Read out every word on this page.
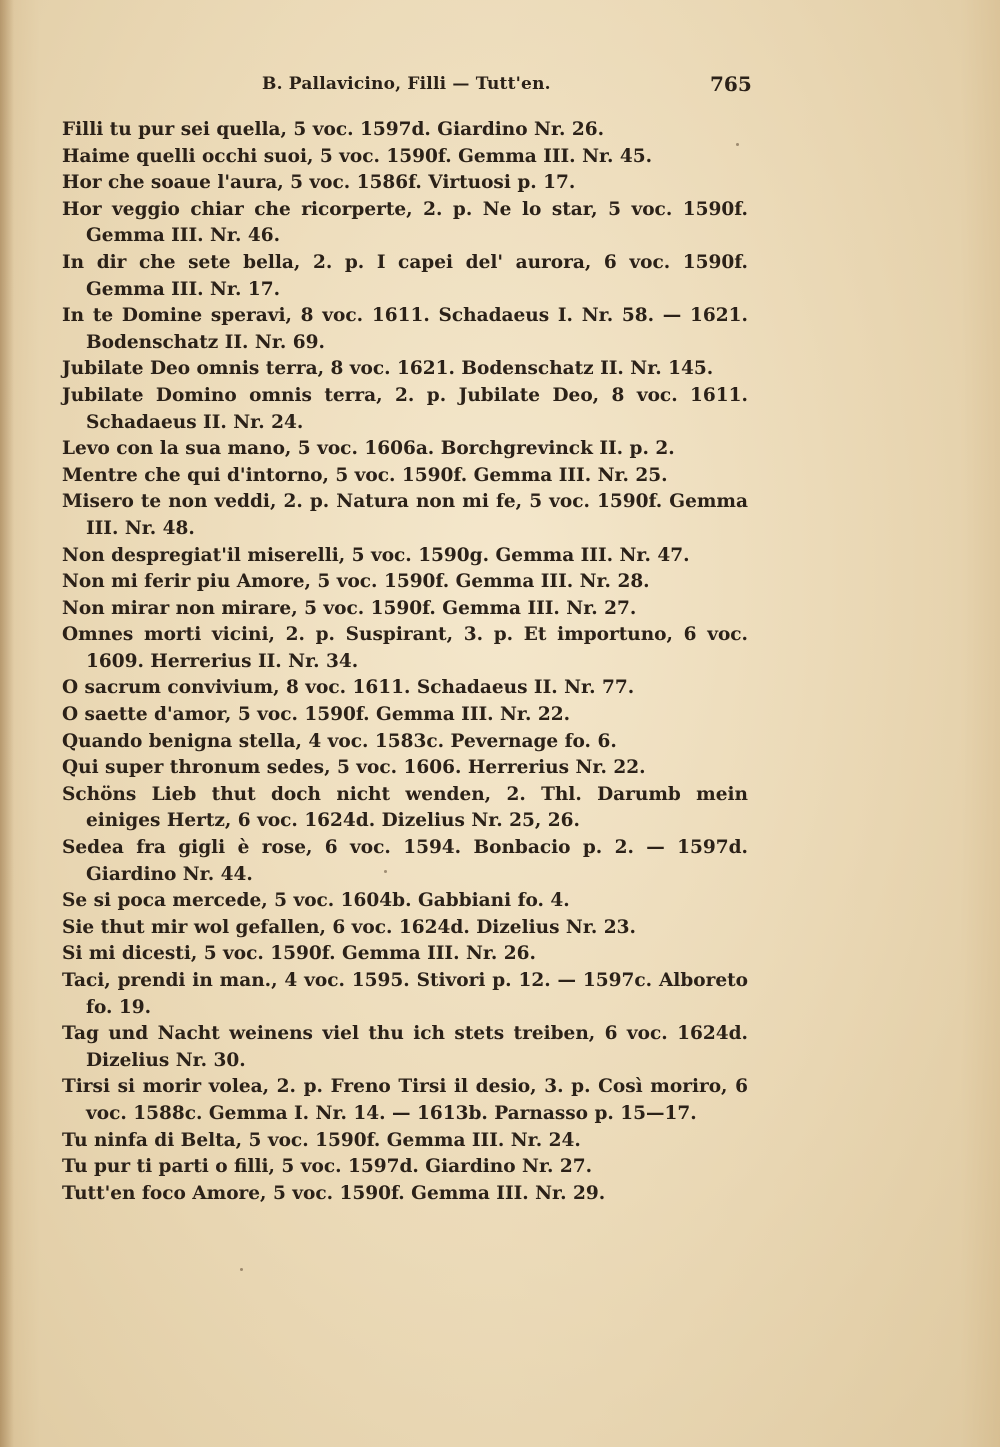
B. Pallavicino, Filli — Tutt'en.	765
Filli tu pur sei quella, 5 voc. 1597d. Giardino Nr. 26.
Haime quelli occhi suoi, 5 voc. 1590f. Gemma III. Nr. 45.
Hor che soaue l'aura, 5 voc. 1586f. Virtuosi p. 17.
Hor veggio chiar che ricorperte, 2. p. Ne lo star, 5 voc. 1590f. Gemma III. Nr. 46.
In dir che sete bella, 2. p. I capei del' aurora, 6 voc. 1590f. Gemma III. Nr. 17.
In te Domine speravi, 8 voc. 1611. Schadaeus I. Nr. 58. — 1621. Bodenschatz II. Nr. 69.
Jubilate Deo omnis terra, 8 voc. 1621. Bodenschatz II. Nr. 145.
Jubilate Domino omnis terra, 2. p. Jubilate Deo, 8 voc. 1611. Schadaeus II. Nr. 24.
Levo con la sua mano, 5 voc. 1606a. Borchgrevinck II. p. 2.
Mentre che qui d'intorno, 5 voc. 1590f. Gemma III. Nr. 25.
Misero te non veddi, 2. p. Natura non mi fe, 5 voc. 1590f. Gemma III. Nr. 48.
Non despregiat'il miserelli, 5 voc. 1590g. Gemma III. Nr. 47.
Non mi ferir piu Amore, 5 voc. 1590f. Gemma III. Nr. 28.
Non mirar non mirare, 5 voc. 1590f. Gemma III. Nr. 27.
Omnes morti vicini, 2. p. Suspirant, 3. p. Et importuno, 6 voc. 1609. Herrerius II. Nr. 34.
O sacrum convivium, 8 voc. 1611. Schadaeus II. Nr. 77.
O saette d'amor, 5 voc. 1590f. Gemma III. Nr. 22.
Quando benigna stella, 4 voc. 1583c. Pevernage fo. 6.
Qui super thronum sedes, 5 voc. 1606. Herrerius Nr. 22.
Schöns Lieb thut doch nicht wenden, 2. Thl. Darumb mein einiges Hertz, 6 voc. 1624d. Dizelius Nr. 25, 26.
Sedea fra gigli è rose, 6 voc. 1594. Bonbacio p. 2. — 1597d. Giardino Nr. 44.
Se si poca mercede, 5 voc. 1604b. Gabbiani fo. 4.
Sie thut mir wol gefallen, 6 voc. 1624d. Dizelius Nr. 23.
Si mi dicesti, 5 voc. 1590f. Gemma III. Nr. 26.
Taci, prendi in man., 4 voc. 1595. Stivori p. 12. — 1597c. Alboreto fo. 19.
Tag und Nacht weinens viel thu ich stets treiben, 6 voc. 1624d. Dizelius Nr. 30.
Tirsi si morir volea, 2. p. Freno Tirsi il desio, 3. p. Così moriro, 6 voc. 1588c. Gemma I. Nr. 14. — 1613b. Parnasso p. 15—17.
Tu ninfa di Belta, 5 voc. 1590f. Gemma III. Nr. 24.
Tu pur ti parti o filli, 5 voc. 1597d. Giardino Nr. 27.
Tutt'en foco Amore, 5 voc. 1590f. Gemma III. Nr. 29.
